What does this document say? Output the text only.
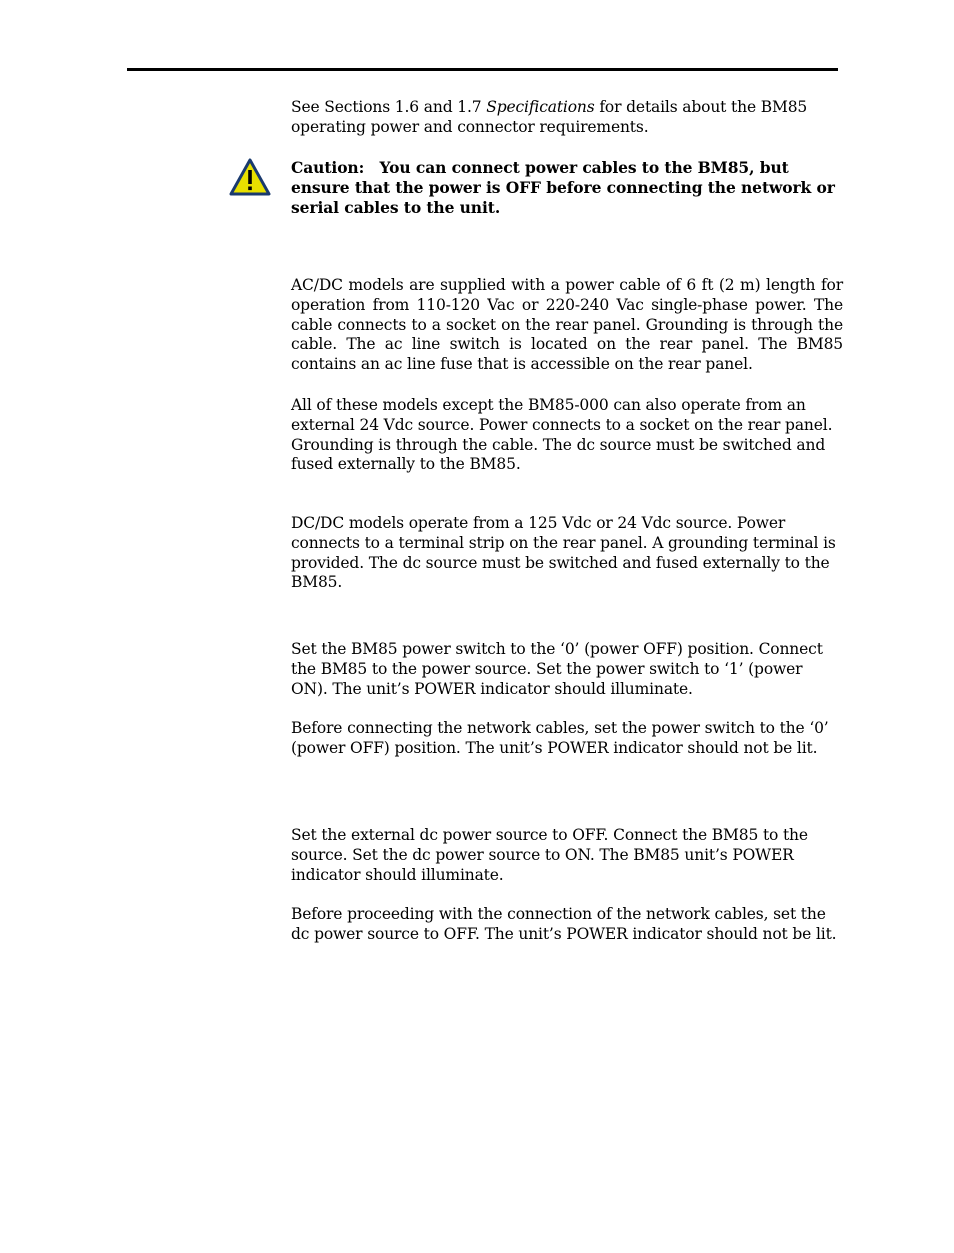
See Sections 1.6 and 1.7 Specifications for details about the BM85 operating power and connector requirements.

Caution: You can connect power cables to the BM85, but ensure that the power is OFF before connecting the network or serial cables to the unit.

AC/DC models are supplied with a power cable of 6 ft (2 m) length for operation from 110-120 Vac or 220-240 Vac single-phase power. The cable connects to a socket on the rear panel. Grounding is through the cable. The ac line switch is located on the rear panel. The BM85 contains an ac line fuse that is accessible on the rear panel.

All of these models except the BM85-000 can also operate from an external 24 Vdc source. Power connects to a socket on the rear panel. Grounding is through the cable. The dc source must be switched and fused externally to the BM85.

DC/DC models operate from a 125 Vdc or 24 Vdc source. Power connects to a terminal strip on the rear panel. A grounding terminal is provided. The dc source must be switched and fused externally to the BM85.

Set the BM85 power switch to the ‘0’ (power OFF) position. Connect the BM85 to the power source. Set the power switch to ‘1’ (power ON). The unit’s POWER indicator should illuminate.

Before connecting the network cables, set the power switch to the ‘0’ (power OFF) position. The unit’s POWER indicator should not be lit.

Set the external dc power source to OFF. Connect the BM85 to the source. Set the dc power source to ON. The BM85 unit’s POWER indicator should illuminate.

Before proceeding with the connection of the network cables, set the dc power source to OFF. The unit’s POWER indicator should not be lit.
